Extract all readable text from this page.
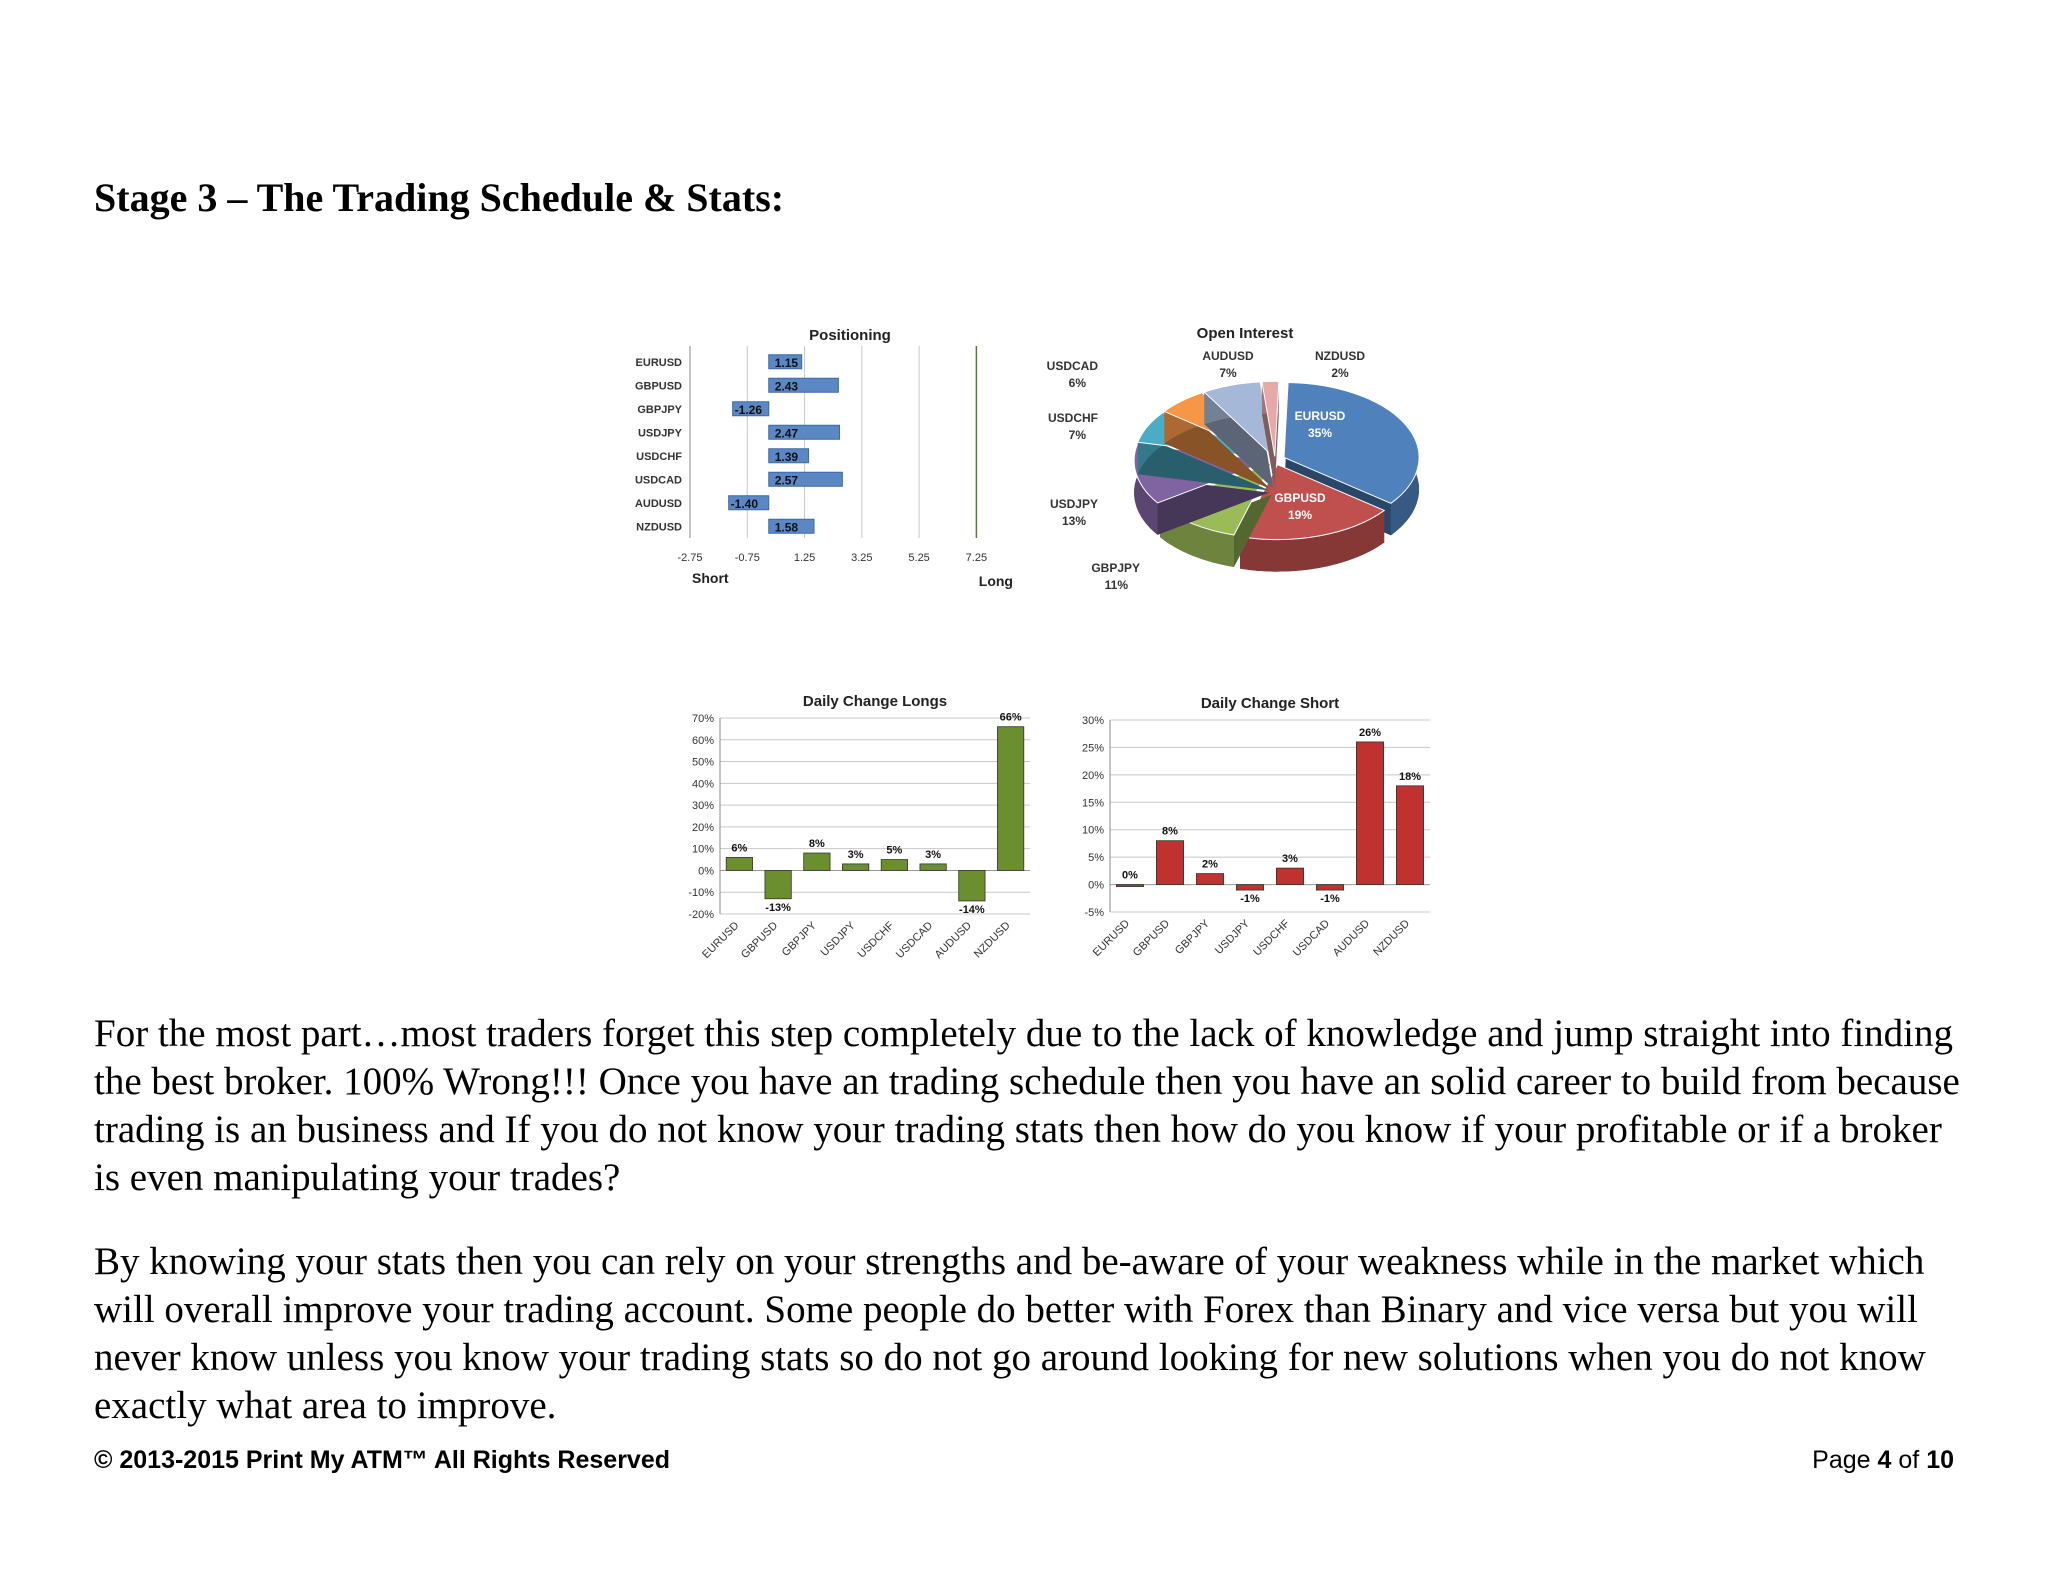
Stage 3 – The Trading Schedule & Stats:
Positioning
-2.75	-0.75	1.25	3.25	5.25	7.25
EURUSD	1.15
GBPUSD	2.43
GBPJPY	-1.26
USDJPY	2.47
USDCHF	1.39
USDCAD	2.57
AUDUSD	-1.40
NZDUSD	1.58
Short	Long
Open Interest
EURUSD
35%
GBPUSD
19%
GBPJPY
11%
USDJPY
13%
USDCHF
7%
USDCAD
6%
AUDUSD
7%
NZDUSD
2%
Daily Change Longs
-20%
-10%
0%
10%
20%
30%
40%
50%
60%
70%
6%
EURUSD
-13%
GBPUSD
8%
GBPJPY
3%
USDJPY
5%
USDCHF
3%
USDCAD
-14%
AUDUSD
66%
NZDUSD
Daily Change Short
-5%
0%
5%
10%
15%
20%
25%
30%
0%
EURUSD
8%
GBPUSD
2%
GBPJPY
-1%
USDJPY
3%
USDCHF
-1%
USDCAD
26%
AUDUSD
18%
NZDUSD

For the most part…most traders forget this step completely due to the lack of knowledge and jump straight into finding the best broker. 100% Wrong!!! Once you have an trading schedule then you have an solid career to build from because trading is an business and If you do not know your trading stats then how do you know if your profitable or if a broker is even manipulating your trades?

By knowing your stats then you can rely on your strengths and be-aware of your weakness while in the market which will overall improve your trading account. Some people do better with Forex than Binary and vice versa but you will never know unless you know your trading stats so do not go around looking for new solutions when you do not know exactly what area to improve.

© 2013-2015 Print My ATM™ All Rights Reserved	Page 4 of 10
